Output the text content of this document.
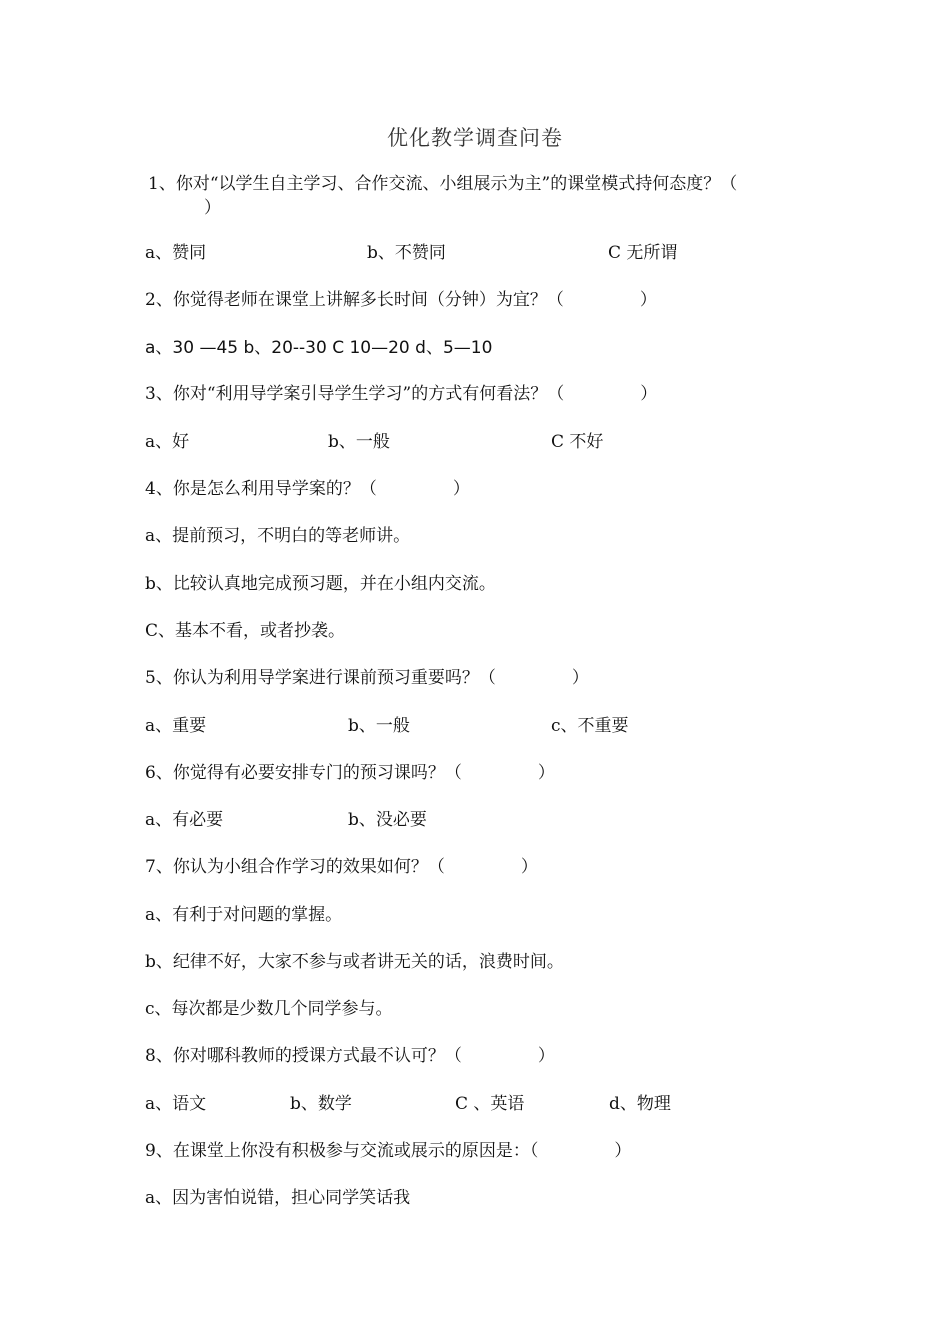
优化教学调查问卷
1、你对“以学生自主学习、合作交流、小组展示为主”的课堂模式持何态度？（
）
a、赞同	b、不赞同	C 无所谓
2、你觉得老师在课堂上讲解多长时间（分钟）为宜？（	）
a、30 —45 b、20--30 C 10—20 d、5—10
3、你对“利用导学案引导学生学习”的方式有何看法？（	）
a、好	b、一般	C 不好
4、你是怎么利用导学案的？（	）
a、提前预习，不明白的等老师讲。
b、比较认真地完成预习题，并在小组内交流。
C、基本不看，或者抄袭。
5、你认为利用导学案进行课前预习重要吗？（	）
a、重要	b、一般	c、不重要
6、你觉得有必要安排专门的预习课吗？（	）
a、有必要	b、没必要
7、你认为小组合作学习的效果如何？（	）
a、有利于对问题的掌握。
b、纪律不好，大家不参与或者讲无关的话，浪费时间。
c、每次都是少数几个同学参与。
8、你对哪科教师的授课方式最不认可？（	）
a、语文	b、数学	C 、英语	d、物理
9、在课堂上你没有积极参与交流或展示的原因是：（	）
a、因为害怕说错，担心同学笑话我
